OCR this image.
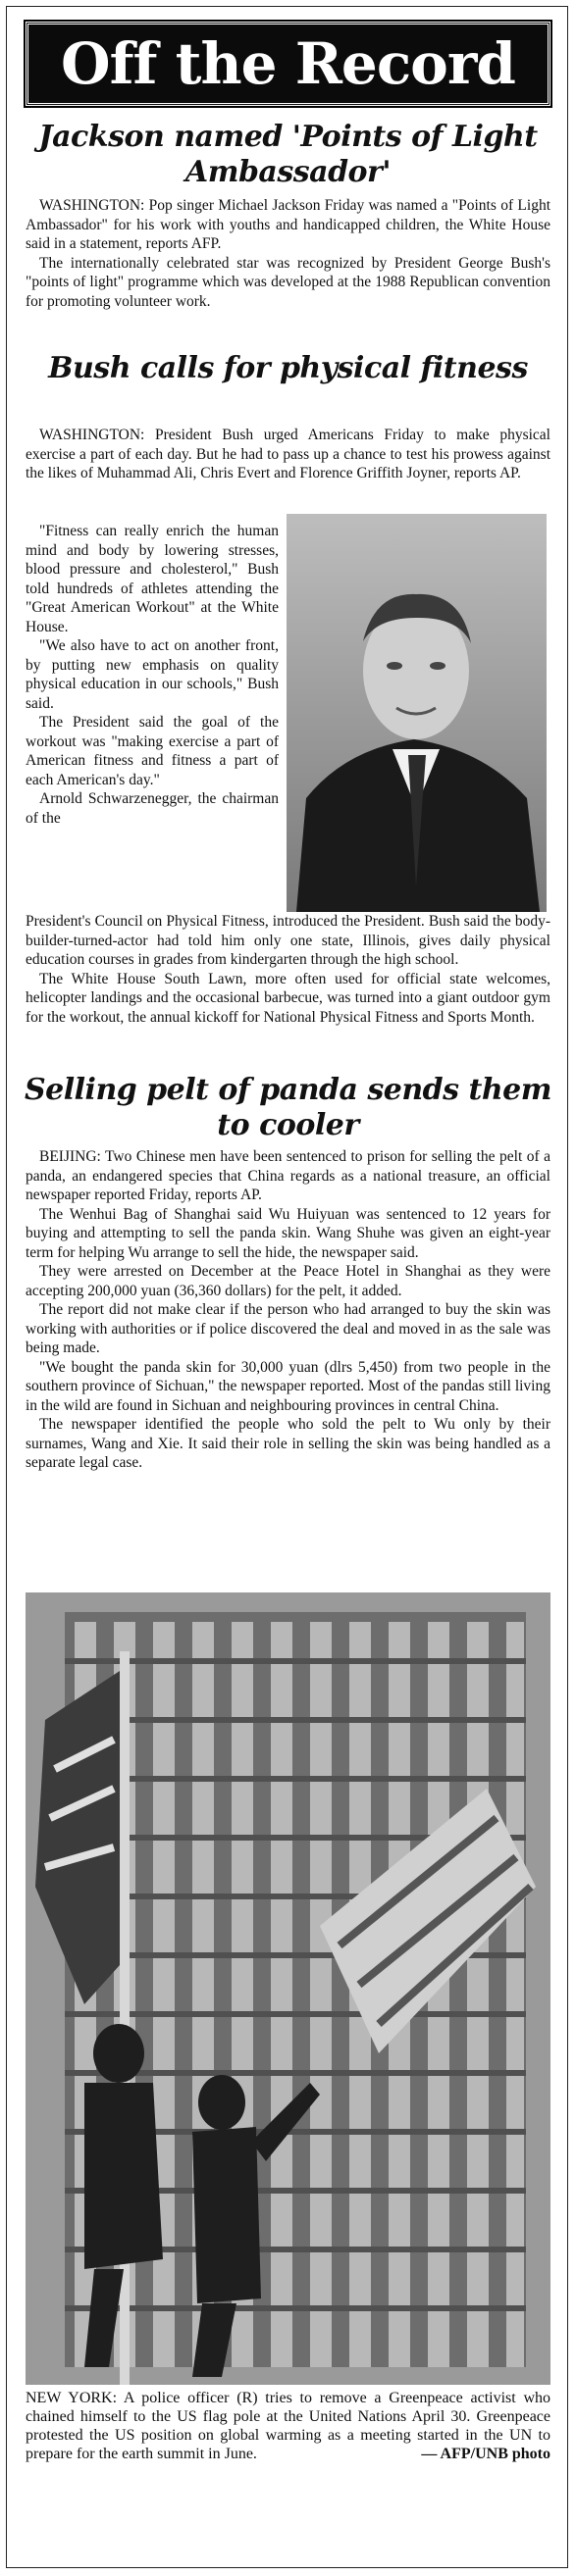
Off the Record
Jackson named 'Points of Light Ambassador'

WASHINGTON: Pop singer Michael Jackson Friday was named a "Points of Light Ambassador" for his work with youths and handicapped children, the White House said in a statement, reports AFP.

The internationally celebrated star was recognized by President George Bush's "points of light" programme which was developed at the 1988 Republican convention for promoting volunteer work.

Bush calls for physical fitness

WASHINGTON: President Bush urged Americans Friday to make physical exercise a part of each day. But he had to pass up a chance to test his prowess against the likes of Muhammad Ali, Chris Evert and Florence Griffith Joyner, reports AP.

"Fitness can really enrich the human mind and body by lowering stresses, blood pressure and cholesterol," Bush told hundreds of athletes attending the "Great American Workout" at the White House.

"We also have to act on another front, by putting new emphasis on quality physical education in our schools," Bush said.

The President said the goal of the workout was "making exercise a part of American fitness and fitness a part of each American's day."

Arnold Schwarzenegger, the chairman of the

President's Council on Physical Fitness, introduced the President. Bush said the body-builder-turned-actor had told him only one state, Illinois, gives daily physical education courses in grades from kindergarten through the high school.

The White House South Lawn, more often used for official state welcomes, helicopter landings and the occasional barbecue, was turned into a giant outdoor gym for the workout, the annual kickoff for National Physical Fitness and Sports Month.

Selling pelt of panda sends them to cooler

BEIJING: Two Chinese men have been sentenced to prison for selling the pelt of a panda, an endangered species that China regards as a national treasure, an official newspaper reported Friday, reports AP.

The Wenhui Bag of Shanghai said Wu Huiyuan was sentenced to 12 years for buying and attempting to sell the panda skin. Wang Shuhe was given an eight-year term for helping Wu arrange to sell the hide, the newspaper said.

They were arrested on December at the Peace Hotel in Shanghai as they were accepting 200,000 yuan (36,360 dollars) for the pelt, it added.

The report did not make clear if the person who had arranged to buy the skin was working with authorities or if police discovered the deal and moved in as the sale was being made.

"We bought the panda skin for 30,000 yuan (dlrs 5,450) from two people in the southern province of Sichuan," the newspaper reported. Most of the pandas still living in the wild are found in Sichuan and neighbouring provinces in central China.

The newspaper identified the people who sold the pelt to Wu only by their surnames, Wang and Xie. It said their role in selling the skin was being handled as a separate legal case.

NEW YORK: A police officer (R) tries to remove a Greenpeace activist who chained himself to the US flag pole at the United Nations April 30. Greenpeace protested the US position on global warming as a meeting started in the UN to prepare for the earth summit in June.	— AFP/UNB photo
